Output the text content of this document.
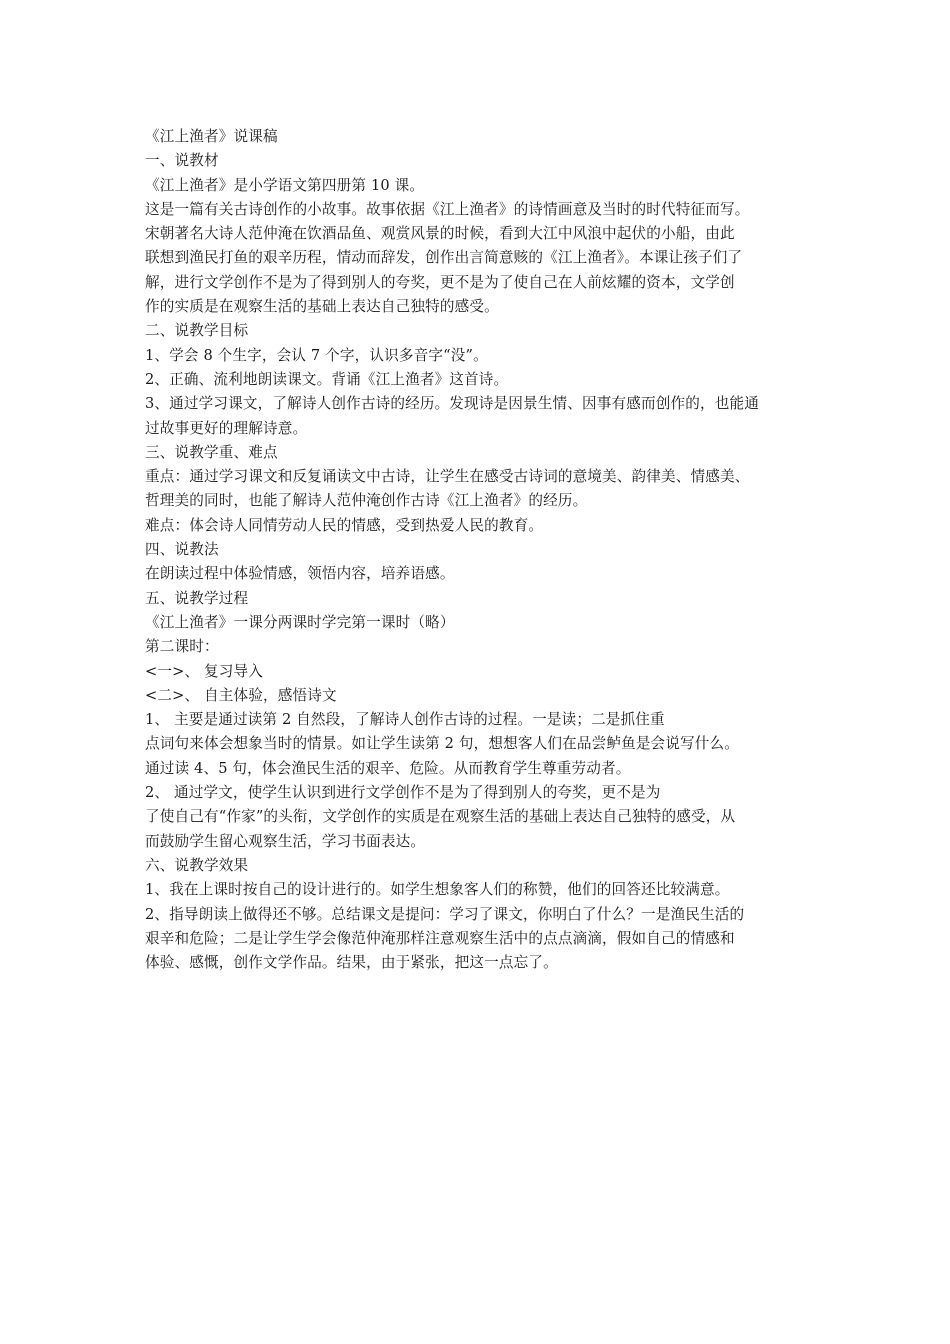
《江上渔者》说课稿

一、说教材

《江上渔者》是小学语文第四册第 10 课。

这是一篇有关古诗创作的小故事。故事依据《江上渔者》的诗情画意及当时的时代特征而写。

宋朝著名大诗人范仲淹在饮酒品鱼、观赏风景的时候，看到大江中风浪中起伏的小船，由此

联想到渔民打鱼的艰辛历程，情动而辞发，创作出言简意赅的《江上渔者》。本课让孩子们了

解，进行文学创作不是为了得到别人的夸奖，更不是为了使自己在人前炫耀的资本，文学创

作的实质是在观察生活的基础上表达自己独特的感受。

二、说教学目标

1、学会 8 个生字，会认 7 个字，认识多音字“没”。

2、正确、流利地朗读课文。背诵《江上渔者》这首诗。

3、通过学习课文，了解诗人创作古诗的经历。发现诗是因景生情、因事有感而创作的，也能通

过故事更好的理解诗意。

三、说教学重、难点

重点：通过学习课文和反复诵读文中古诗，让学生在感受古诗词的意境美、韵律美、情感美、

哲理美的同时，也能了解诗人范仲淹创作古诗《江上渔者》的经历。

难点：体会诗人同情劳动人民的情感，受到热爱人民的教育。

四、说教法

在朗读过程中体验情感，领悟内容，培养语感。

五、说教学过程

《江上渔者》一课分两课时学完第一课时（略）

第二课时：

<一>、 复习导入

<二>、 自主体验，感悟诗文

1、 主要是通过读第 2 自然段，了解诗人创作古诗的过程。一是读；二是抓住重

点词句来体会想象当时的情景。如让学生读第 2 句，想想客人们在品尝鲈鱼是会说写什么。

通过读 4、5 句，体会渔民生活的艰辛、危险。从而教育学生尊重劳动者。

2、 通过学文，使学生认识到进行文学创作不是为了得到别人的夸奖，更不是为

了使自己有“作家”的头衔，文学创作的实质是在观察生活的基础上表达自己独特的感受，从

而鼓励学生留心观察生活，学习书面表达。

六、说教学效果

1、我在上课时按自己的设计进行的。如学生想象客人们的称赞，他们的回答还比较满意。

2、指导朗读上做得还不够。总结课文是提问：学习了课文，你明白了什么？一是渔民生活的

艰辛和危险；二是让学生学会像范仲淹那样注意观察生活中的点点滴滴，假如自己的情感和

体验、感慨，创作文学作品。结果，由于紧张，把这一点忘了。
